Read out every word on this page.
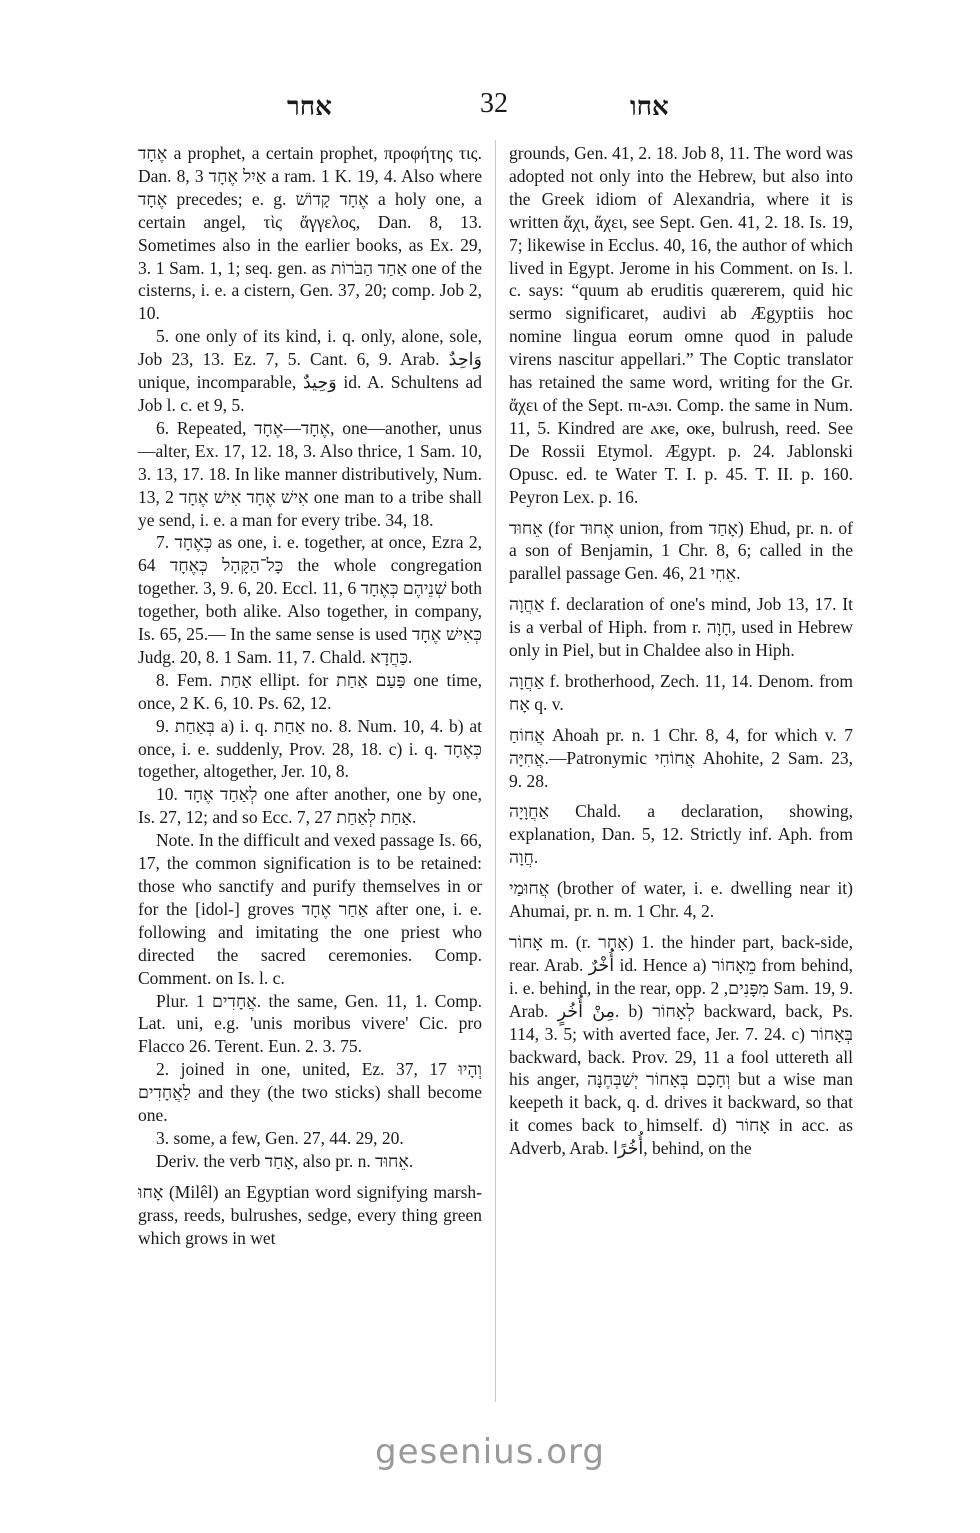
אחר	32	אחו

אֶחָד a prophet, a certain prophet, προφήτης τις. Dan. 8, 3 אַיִל אֶחָד a ram. 1 K. 19, 4. Also where אֶחָד precedes; e. g. אֶחָד קָדוֹשׁ a holy one, a certain angel, τὶς ἄγγελος, Dan. 8, 13. Sometimes also in the earlier books, as Ex. 29, 3. 1 Sam. 1, 1; seq. gen. as אַחַד הַבֹּרוֹת one of the cisterns, i. e. a cistern, Gen. 37, 20; comp. Job 2, 10.

5. one only of its kind, i. q. only, alone, sole, Job 23, 13. Ez. 7, 5. Cant. 6, 9. Arab. وَاحِدٌ unique, incomparable, وَحِيدٌ id. A. Schultens ad Job l. c. et 9, 5.

6. Repeated, אֶחָד—אֶחָד, one—another, unus—alter, Ex. 17, 12. 18, 3. Also thrice, 1 Sam. 10, 3. 13, 17. 18. In like manner distributively, Num. 13, 2 אִישׁ אֶחָד אִישׁ אֶחָד one man to a tribe shall ye send, i. e. a man for every tribe. 34, 18.

7. כְּאֶחָד as one, i. e. together, at once, Ezra 2, 64 כָּל־הַקָּהָל כְּאֶחָד the whole congregation together. 3, 9. 6, 20. Eccl. 11, 6 שְׁנֵיהֶם כְּאֶחָד both together, both alike. Also together, in company, Is. 65, 25.— In the same sense is used כְּאִישׁ אֶחָד Judg. 20, 8. 1 Sam. 11, 7. Chald. כַּחֲדָא.

8. Fem. אַחַת ellipt. for פַּעַם אַחַת one time, once, 2 K. 6, 10. Ps. 62, 12.

9. בְּאַחַת a) i. q. אַחַת no. 8. Num. 10, 4. b) at once, i. e. suddenly, Prov. 28, 18. c) i. q. כְּאֶחָד together, altogether, Jer. 10, 8.

10. לְאַחַד אֶחָד one after another, one by one, Is. 27, 12; and so Ecc. 7, 27 אַחַת לְאַחַת.

Note. In the difficult and vexed passage Is. 66, 17, the common signification is to be retained: those who sanctify and purify themselves in or for the [idol-] groves אַחַר אֶחָד after one, i. e. following and imitating the one priest who directed the sacred ceremonies. Comp. Comment. on Is. l. c.

Plur. אֲחָדִים 1. the same, Gen. 11, 1. Comp. Lat. uni, e.g. 'unis moribus vivere' Cic. pro Flacco 26. Terent. Eun. 2. 3. 75.

2. joined in one, united, Ez. 37, 17 וְהָיוּ לַאֲחָדִים and they (the two sticks) shall become one.

3. some, a few, Gen. 27, 44. 29, 20.

Deriv. the verb אָחַד, also pr. n. אֵחוּד.

אָחוּ (Milêl) an Egyptian word signifying marsh-grass, reeds, bulrushes, sedge, every thing green which grows in wet

grounds, Gen. 41, 2. 18. Job 8, 11. The word was adopted not only into the Hebrew, but also into the Greek idiom of Alexandria, where it is written ἄχι, ἄχει, see Sept. Gen. 41, 2. 18. Is. 19, 7; likewise in Ecclus. 40, 16, the author of which lived in Egypt. Jerome in his Comment. on Is. l. c. says: “quum ab eruditis quærerem, quid hic sermo significaret, audivi ab Ægyptiis hoc nomine lingua eorum omne quod in palude virens nascitur appellari.” The Coptic translator has retained the same word, writing for the Gr. ἄχει of the Sept. ⲡⲓ-ⲁϧⲓ. Comp. the same in Num. 11, 5. Kindred are ⲁⲕⲉ, ⲟⲕⲉ, bulrush, reed. See De Rossii Etymol. Ægypt. p. 24. Jablonski Opusc. ed. te Water T. I. p. 45. T. II. p. 160. Peyron Lex. p. 16.

אֵחוּד (for אֶחוּד union, from אָחַד) Ehud, pr. n. of a son of Benjamin, 1 Chr. 8, 6; called in the parallel passage Gen. 46, 21 אֵחִי.

אַחֲוָה f. declaration of one's mind, Job 13, 17. It is a verbal of Hiph. from r. חָוָה, used in Hebrew only in Piel, but in Chaldee also in Hiph.

אַחֲוָה f. brotherhood, Zech. 11, 14. Denom. from אָח q. v.

אֲחוֹחַ Ahoah pr. n. 1 Chr. 8, 4, for which v. 7 אֲחִיָּה.—Patronymic אֲחוֹחִי Ahohite, 2 Sam. 23, 9. 28.

אַחֲוָיָה Chald. a declaration, showing, explanation, Dan. 5, 12. Strictly inf. Aph. from חֲוָה.

אֲחוּמַי (brother of water, i. e. dwelling near it) Ahumai, pr. n. m. 1 Chr. 4, 2.

אָחוֹר m. (r. אָחַר) 1. the hinder part, back-side, rear. Arab. أُخْرٌ id. Hence a) מֵאָחוֹר from behind, i. e. behind, in the rear, opp. מִפָּנִים, 2 Sam. 19, 9. Arab. مِنْ أُخُرٍ. b) לְאָחוֹר backward, back, Ps. 114, 3. 5; with averted face, Jer. 7. 24. c) בְּאָחוֹר backward, back. Prov. 29, 11 a fool uttereth all his anger, וְחָכָם בְּאָחוֹר יְשַׁבְּחֶנָּה but a wise man keepeth it back, q. d. drives it backward, so that it comes back to himself. d) אָחוֹר in acc. as Adverb, Arab. أُخُرًا, behind, on the

gesenius.org
